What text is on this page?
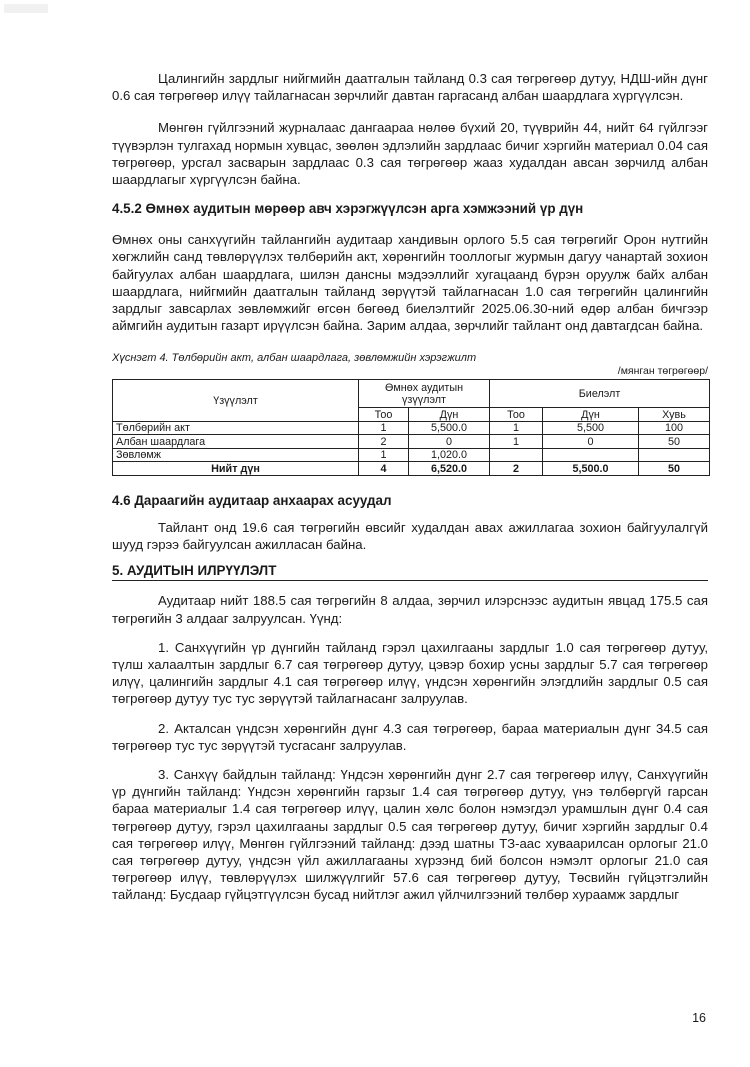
Цалингийн зардлыг нийгмийн даатгалын тайланд 0.3 сая төгрөгөөр дутуу, НДШ-ийн дүнг 0.6 сая төгрөгөөр илүү тайлагнасан зөрчлийг давтан гаргасанд албан шаардлага хүргүүлсэн.

Мөнгөн гүйлгээний журналаас дангаараа нөлөө бүхий 20, түүврийн 44, нийт 64 гүйлгээг түүвэрлэн тулгахад нормын хувцас, зөөлөн эдлэлийн зардлаас бичиг хэргийн материал 0.04 сая төгрөгөөр, урсгал засварын зардлаас 0.3 сая төгрөгөөр жааз худалдан авсан зөрчилд албан шаардлагыг хүргүүлсэн байна.

4.5.2 Өмнөх аудитын мөрөөр авч хэрэгжүүлсэн арга хэмжээний үр дүн

Өмнөх оны санхүүгийн тайлангийн аудитаар хандивын орлого 5.5 сая төгрөгийг Орон нутгийн хөгжлийн санд төвлөрүүлэх төлбөрийн акт, хөрөнгийн тооллогыг журмын дагуу чанартай зохион байгуулах албан шаардлага, шилэн дансны мэдээллийг хугацаанд бүрэн оруулж байх албан шаардлага, нийгмийн даатгалын тайланд зөрүүтэй тайлагнасан 1.0 сая төгрөгийн цалингийн зардлыг завсарлах зөвлөмжийг өгсөн бөгөөд биелэлтийг 2025.06.30-ний өдөр албан бичгээр аймгийн аудитын газарт ирүүлсэн байна. Зарим алдаа, зөрчлийг тайлант онд давтагдсан байна.

Хүснэгт 4. Төлбөрийн акт, албан шаардлага, зөвлөмжийн хэрэгжилт
/мянган төгрөгөөр/
Үзүүлэлт	Өмнөх аудитын үзүүлэлт		Биелэлт		
	Тоо	Дүн	Тоо	Дүн	Хувь
Төлбөрийн акт	1	5,500.0	1	5,500	100
Албан шаардлага	2	0	1	0	50
Зөвлөмж	1	1,020.0			
Нийт дүн	4	6,520.0	2	5,500.0	50
4.6 Дараагийн аудитаар анхаарах асуудал

Тайлант онд 19.6 сая төгрөгийн өвсийг худалдан авах ажиллагаа зохион байгуулалгүй шууд гэрээ байгуулсан ажилласан байна.

5. АУДИТЫН ИЛРҮҮЛЭЛТ

Аудитаар нийт 188.5 сая төгрөгийн 8 алдаа, зөрчил илэрснээс аудитын явцад 175.5 сая төгрөгийн 3 алдааг залруулсан. Үүнд:

1. Санхүүгийн үр дүнгийн тайланд гэрэл цахилгааны зардлыг 1.0 сая төгрөгөөр дутуу, түлш халаалтын зардлыг 6.7 сая төгрөгөөр дутуу, цэвэр бохир усны зардлыг 5.7 сая төгрөгөөр илүү, цалингийн зардлыг 4.1 сая төгрөгөөр илүү, үндсэн хөрөнгийн элэгдлийн зардлыг 0.5 сая төгрөгөөр дутуу тус тус зөрүүтэй тайлагнасанг залруулав.

2. Акталсан үндсэн хөрөнгийн дүнг 4.3 сая төгрөгөөр, бараа материалын дүнг 34.5 сая төгрөгөөр тус тус зөрүүтэй тусгасанг залруулав.

3. Санхүү байдлын тайланд: Үндсэн хөрөнгийн дүнг 2.7 сая төгрөгөөр илүү, Санхүүгийн үр дүнгийн тайланд: Үндсэн хөрөнгийн гарзыг 1.4 сая төгрөгөөр дутуу, үнэ төлбөргүй гарсан бараа материалыг 1.4 сая төгрөгөөр илүү, цалин хөлс болон нэмэгдэл урамшлын дүнг 0.4 сая төгрөгөөр дутуу, гэрэл цахилгааны зардлыг 0.5 сая төгрөгөөр дутуу, бичиг хэргийн зардлыг 0.4 сая төгрөгөөр илүү, Мөнгөн гүйлгээний тайланд: дээд шатны ТЗ-аас хуваарилсан орлогыг 21.0 сая төгрөгөөр дутуу, үндсэн үйл ажиллагааны хүрээнд бий болсон нэмэлт орлогыг 21.0 сая төгрөгөөр илүү, төвлөрүүлэх шилжүүлгийг 57.6 сая төгрөгөөр дутуу, Төсвийн гүйцэтгэлийн тайланд: Бусдаар гүйцэтгүүлсэн бусад нийтлэг ажил үйлчилгээний төлбөр хураамж зардлыг

16
